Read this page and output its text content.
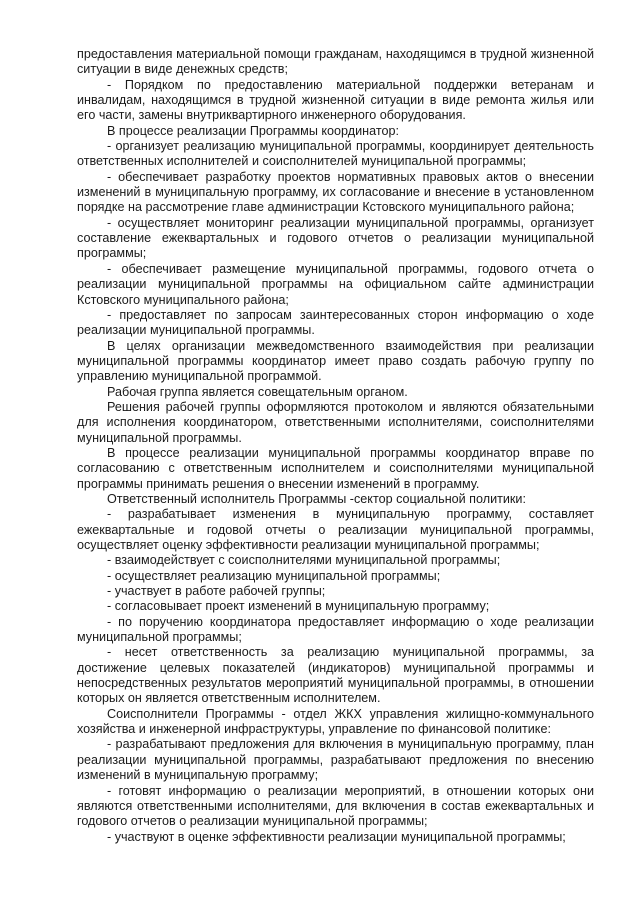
предоставления материальной помощи гражданам, находящимся в трудной жизненной ситуации в виде денежных средств;

- Порядком по предоставлению материальной поддержки ветеранам и инвалидам, находящимся в трудной жизненной ситуации в виде ремонта жилья или его части, замены внутриквартирного инженерного оборудования.

В процессе реализации Программы координатор:

- организует реализацию муниципальной программы, координирует деятельность ответственных исполнителей и соисполнителей муниципальной программы;

- обеспечивает разработку проектов нормативных правовых актов о внесении изменений в муниципальную программу, их согласование и внесение в установленном порядке на рассмотрение главе администрации Кстовского муниципального района;

- осуществляет мониторинг реализации муниципальной программы, организует составление ежеквартальных и годового отчетов о реализации муниципальной программы;

- обеспечивает размещение муниципальной программы, годового отчета о реализации муниципальной программы на официальном сайте администрации Кстовского муниципального района;

- предоставляет по запросам заинтересованных сторон информацию о ходе реализации муниципальной программы.

В целях организации межведомственного взаимодействия при реализации муниципальной программы координатор имеет право создать рабочую группу по управлению муниципальной программой.

Рабочая группа является совещательным органом.

Решения рабочей группы оформляются протоколом и являются обязательными для исполнения координатором, ответственными исполнителями, соисполнителями муниципальной программы.

В процессе реализации муниципальной программы координатор вправе по согласованию с ответственным исполнителем и соисполнителями муниципальной программы принимать решения о внесении изменений в программу.

Ответственный исполнитель Программы -сектор социальной политики:

- разрабатывает изменения в муниципальную программу, составляет ежеквартальные и годовой отчеты о реализации муниципальной программы, осуществляет оценку эффективности реализации муниципальной программы;

- взаимодействует с соисполнителями муниципальной программы;

- осуществляет реализацию муниципальной программы;

- участвует в работе рабочей группы;

- согласовывает проект изменений в муниципальную программу;

- по поручению координатора предоставляет информацию о ходе реализации муниципальной программы;

- несет ответственность за реализацию муниципальной программы, за достижение целевых показателей (индикаторов) муниципальной программы и непосредственных результатов мероприятий муниципальной программы, в отношении которых он является ответственным исполнителем.

Соисполнители Программы - отдел ЖКХ управления жилищно-коммунального хозяйства и инженерной инфраструктуры, управление по финансовой политике:

- разрабатывают предложения для включения в муниципальную программу, план реализации муниципальной программы, разрабатывают предложения по внесению изменений в муниципальную программу;

- готовят информацию о реализации мероприятий, в отношении которых они являются ответственными исполнителями, для включения в состав ежеквартальных и годового отчетов о реализации муниципальной программы;

- участвуют в оценке эффективности реализации муниципальной программы;
